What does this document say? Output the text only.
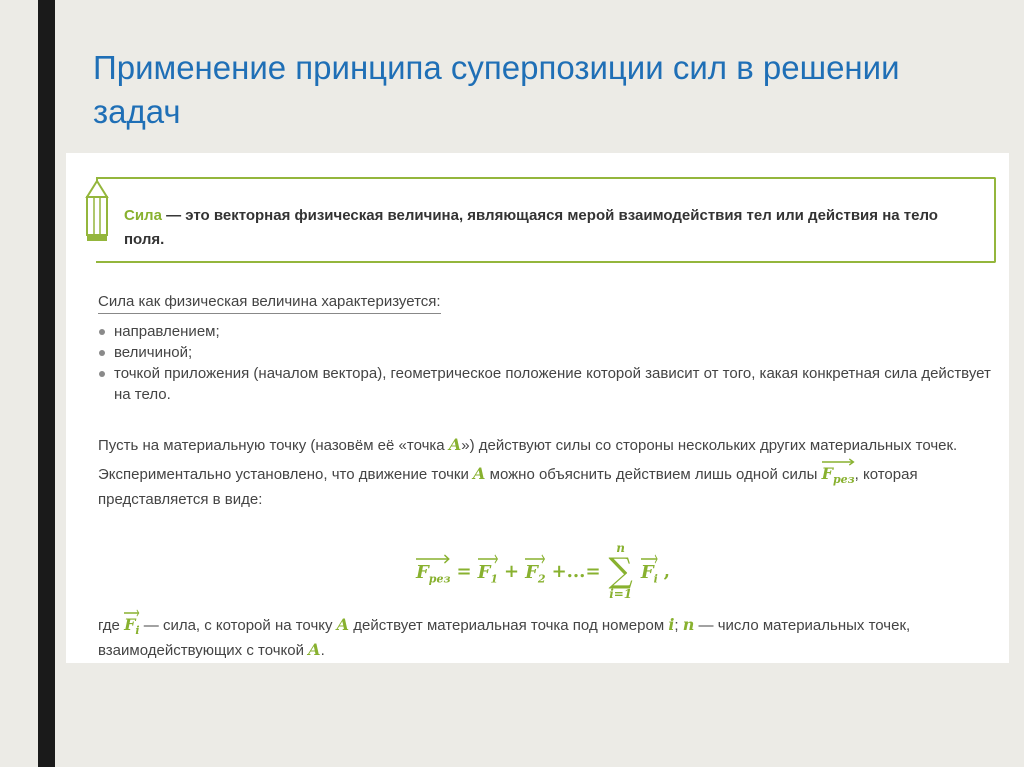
Применение принципа суперпозиции сил в решении задач
Сила — это векторная физическая величина, являющаяся мерой взаимодействия тел или действия на тело поля.
Сила как физическая величина характеризуется:
направлением;
величиной;
точкой приложения (началом вектора), геометрическое положение которой зависит от того, какая конкретная сила действует на тело.
Пусть на материальную точку (назовём её «точка A») действуют силы со стороны нескольких других материальных точек. Экспериментально установлено, что движение точки A можно объяснить действием лишь одной силы
$F_{рез}$, которая представляется в виде:
$F_{рез} = F_1 + F_2$ +...=
n
∑
i=1
$F_i$ ,
где
$F_i$ — сила, с которой на точку A действует материальная точка под номером i; n — число материальных точек, взаимодействующих с точкой A.
